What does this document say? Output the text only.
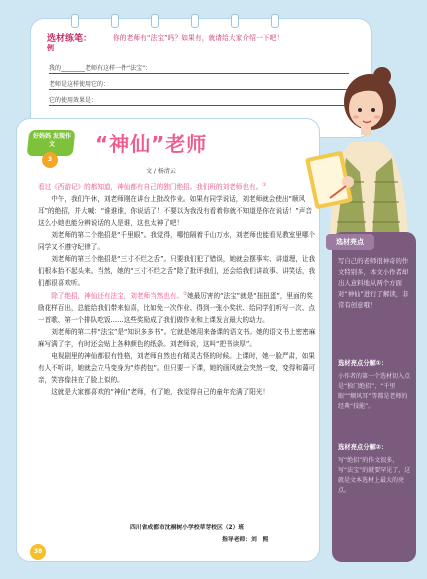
选材练笔：
例
你的老师有“法宝”吗？如果有，就请给大家介绍一下吧！
我的________老师有这样一件“法宝”：
老师是这样使用它的：
它的使用效果是：
好妈妈 发现作文
3
“神仙”老师
文 / 杨清云

看过《西游记》的都知道，神仙都有自己的独门绝招。我们班的刘老师也有。①

中午，我们午休，刘老师刚在讲台上批改作业。如果有同学说话，刘老师就会使出“顺风耳”的绝招，并大喊：“谁谁谁，你说话了！不要以为我没有看着你就不知道是你在说话！”声音这么小她也能分辨说话的人是谁，这也太神了吧！

刘老师的第二个绝招是“千里眼”。我觉得，哪怕隔着千山万水，刘老师也能看见教室里哪个同学又不遵守纪律了。

刘老师的第三个绝招是“三寸不烂之舌”。只要我们犯了错误，她就会摆事实、讲道理，让我们根本抬不起头来。当然，她的“三寸不烂之舌”除了批评我们，还会给我们讲故事、讲笑话，我们都很喜欢听。

除了绝招，神仙还有法宝，刘老师当然也有。②她最厉害的“法宝”就是“扭扭蛋”，里面的奖励花样百出，总能给我们带来惊喜，比如免一次作业、得到一张小奖状、给同学们听写一次、点一首歌、第一个排队吃饭……这些奖励成了我们做作业和上课发言最大的动力。

刘老师的第二样“法宝”是“知识多多书”。它就是她用来备课的语文书。她的语文书上密密麻麻写满了字，有时还会贴上各种颜色的纸条。刘老师说，这叫“把书读厚”。

电视剧里的神仙都很有性格，刘老师自然也有精灵古怪的时候。上课时，她一脸严肃，如果有人不听讲，她就会立马变身为“炸药包”。但只要一下课，她的画风就会突然一变，变得和蔼可亲，笑容像挂在了脸上似的。

这就是大家都喜欢的“神仙”老师，有了她，我觉得自己的童年充满了阳光！

四川省成都市沈桐树小学校草芽校区（2）班
指导老师：刘　熙
选材亮点
写自己的老师很神奇的作文特别多，本文小作者却出人意料地从两个方面对“神仙”进行了解读，非常有创意哦！
选材亮点分解①：
小作者的第一个选材切入点是“独门绝招”，“千里眼”“顺风耳”等都是老师的经典“技能”。
选材亮点分解②：
写“绝招”的作文很多，写“法宝”的就要罕见了，这就是文本选材上最大的亮点。
38
